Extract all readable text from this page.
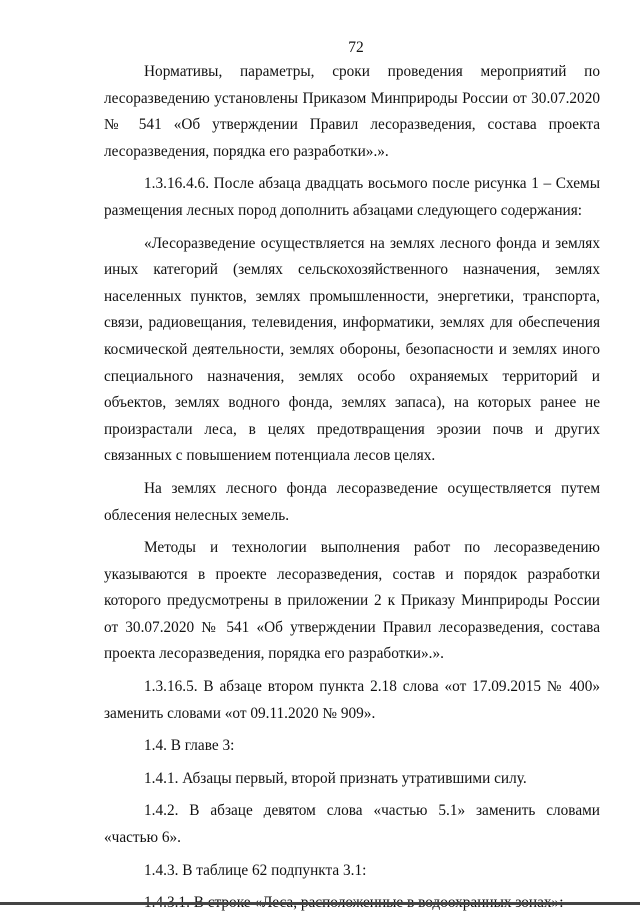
72

Нормативы, параметры, сроки проведения мероприятий по лесоразведению установлены Приказом Минприроды России от 30.07.2020 № 541 «Об утверждении Правил лесоразведения, состава проекта лесоразведения, порядка его разработки».».

1.3.16.4.6. После абзаца двадцать восьмого после рисунка 1 – Схемы размещения лесных пород дополнить абзацами следующего содержания:

«Лесоразведение осуществляется на землях лесного фонда и землях иных категорий (землях сельскохозяйственного назначения, землях населенных пунктов, землях промышленности, энергетики, транспорта, связи, радиовещания, телевидения, информатики, землях для обеспечения космической деятельности, землях обороны, безопасности и землях иного специального назначения, землях особо охраняемых территорий и объектов, землях водного фонда, землях запаса), на которых ранее не произрастали леса, в целях предотвращения эрозии почв и других связанных с повышением потенциала лесов целях.

На землях лесного фонда лесоразведение осуществляется путем облесения нелесных земель.

Методы и технологии выполнения работ по лесоразведению указываются в проекте лесоразведения, состав и порядок разработки которого предусмотрены в приложении 2 к Приказу Минприроды России от 30.07.2020 № 541 «Об утверждении Правил лесоразведения, состава проекта лесоразведения, порядка его разработки».».

1.3.16.5. В абзаце втором пункта 2.18 слова «от 17.09.2015 № 400» заменить словами «от 09.11.2020 № 909».

1.4. В главе 3:

1.4.1. Абзацы первый, второй признать утратившими силу.

1.4.2. В абзаце девятом слова «частью 5.1» заменить словами «частью 6».

1.4.3. В таблице 62 подпункта 3.1:
